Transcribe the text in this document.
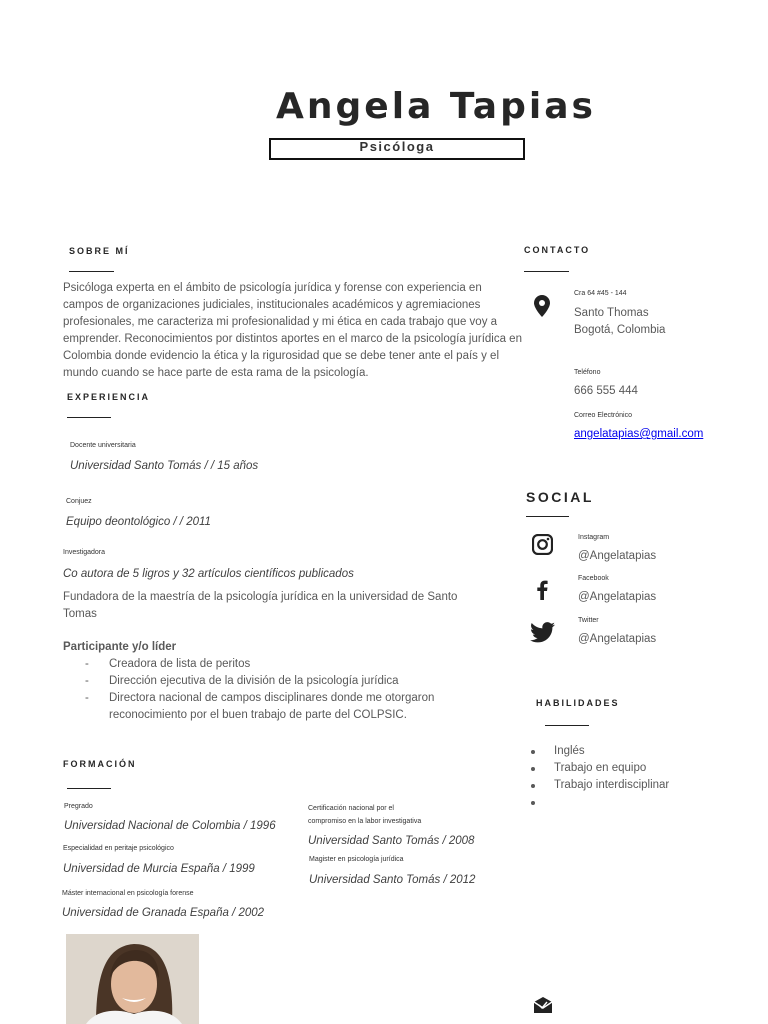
Angela Tapias
Psicóloga
SOBRE MÍ
Psicóloga experta en el ámbito de psicología jurídica y forense con experiencia en campos de organizaciones judiciales, institucionales académicos y agremiaciones profesionales, me caracteriza mi profesionalidad y mi ética en cada trabajo que voy a emprender. Reconocimientos por distintos aportes en el marco de la psicología jurídica en Colombia donde evidencio la ética y la rigurosidad que se debe tener ante el país y el mundo cuando se hace parte de esta rama de la psicología.
EXPERIENCIA
Docente universitaria
Universidad Santo Tomás / / 15 años
Conjuez
Equipo deontológico / / 2011
Investigadora
Co autora de 5 ligros y 32 artículos científicos publicados
Fundadora de la maestría de la psicología jurídica en la universidad de Santo Tomas
Participante y/o líder
- Creadora de lista de peritos
- Dirección ejecutiva de la división de la psicología jurídica
- Directora nacional de campos disciplinares donde me otorgaron reconocimiento por el buen trabajo de parte del COLPSIC.
FORMACIÓN
Pregrado
Universidad Nacional de Colombia / 1996
Especialidad en peritaje psicológico
Universidad de Murcia España / 1999
Máster internacional en psicología forense
Universidad de Granada España / 2002
Certificación nacional por el
compromiso en la labor investigativa
Universidad Santo Tomás / 2008
Magister en psicología jurídica
Universidad Santo Tomás / 2012
CONTACTO
Cra 64 #45 - 144
Santo Thomas
Bogotá, Colombia
Teléfono
666 555 444
Correo Electrónico
angelatapias@gmail.com
SOCIAL
Instagram
@Angelatapias
Facebook
@Angelatapias
Twitter
@Angelatapias
HABILIDADES
Inglés
Trabajo en equipo
Trabajo interdisciplinar
